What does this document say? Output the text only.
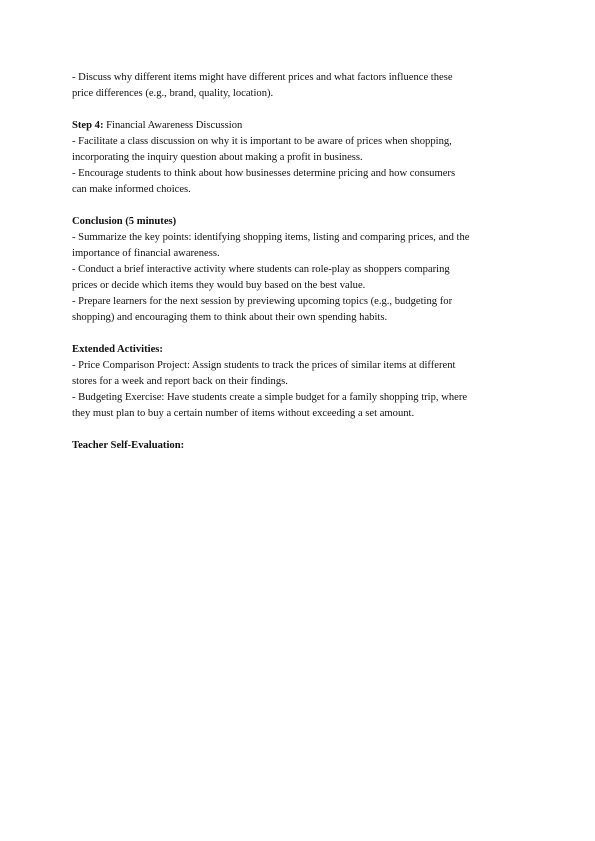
- Discuss why different items might have different prices and what factors influence these
price differences (e.g., brand, quality, location).
Step 4: Financial Awareness Discussion
- Facilitate a class discussion on why it is important to be aware of prices when shopping,
incorporating the inquiry question about making a profit in business.
- Encourage students to think about how businesses determine pricing and how consumers
can make informed choices.
Conclusion (5 minutes)
- Summarize the key points: identifying shopping items, listing and comparing prices, and the
importance of financial awareness.
- Conduct a brief interactive activity where students can role-play as shoppers comparing
prices or decide which items they would buy based on the best value.
- Prepare learners for the next session by previewing upcoming topics (e.g., budgeting for
shopping) and encouraging them to think about their own spending habits.
Extended Activities:
- Price Comparison Project: Assign students to track the prices of similar items at different
stores for a week and report back on their findings.
- Budgeting Exercise: Have students create a simple budget for a family shopping trip, where
they must plan to buy a certain number of items without exceeding a set amount.
Teacher Self-Evaluation:
